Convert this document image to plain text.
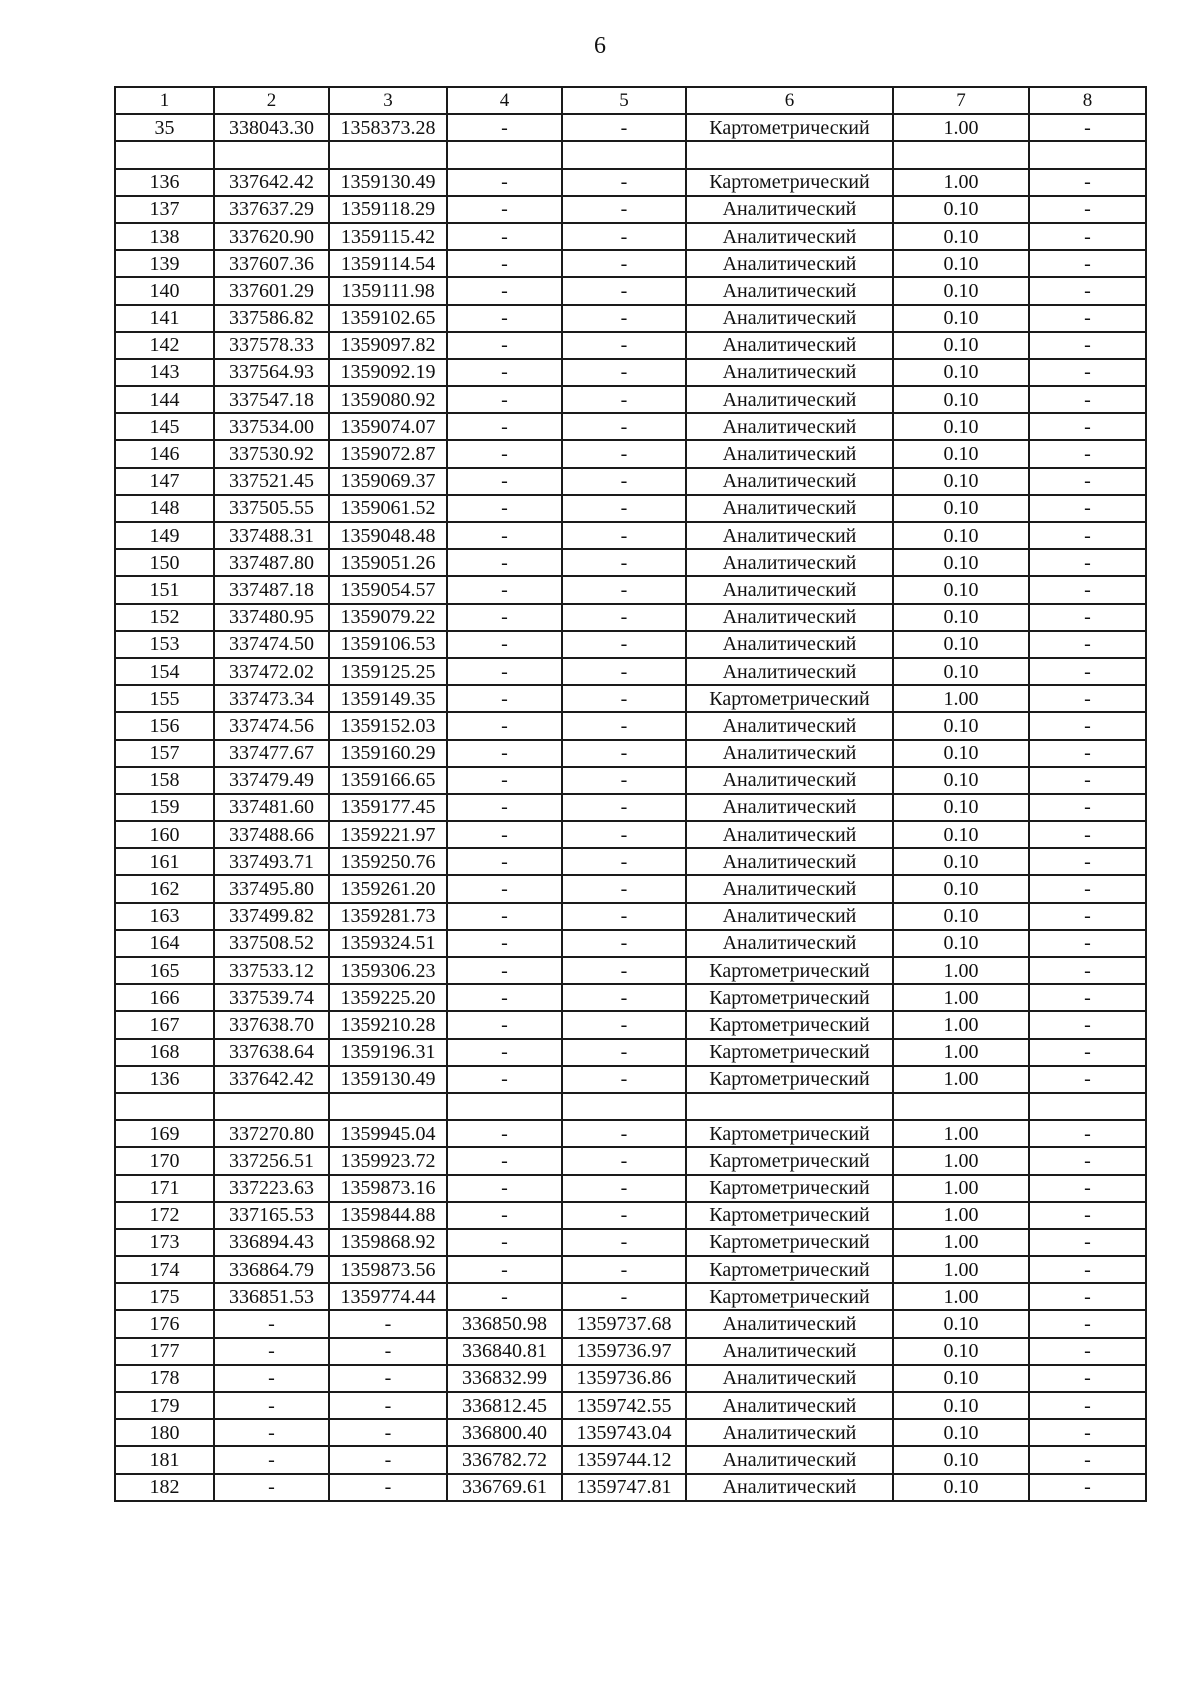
6
1	2	3	4	5	6	7	8
35	338043.30	1358373.28	-	-	Картометрический	1.00	-

136	337642.42	1359130.49	-	-	Картометрический	1.00	-
137	337637.29	1359118.29	-	-	Аналитический	0.10	-
138	337620.90	1359115.42	-	-	Аналитический	0.10	-
139	337607.36	1359114.54	-	-	Аналитический	0.10	-
140	337601.29	1359111.98	-	-	Аналитический	0.10	-
141	337586.82	1359102.65	-	-	Аналитический	0.10	-
142	337578.33	1359097.82	-	-	Аналитический	0.10	-
143	337564.93	1359092.19	-	-	Аналитический	0.10	-
144	337547.18	1359080.92	-	-	Аналитический	0.10	-
145	337534.00	1359074.07	-	-	Аналитический	0.10	-
146	337530.92	1359072.87	-	-	Аналитический	0.10	-
147	337521.45	1359069.37	-	-	Аналитический	0.10	-
148	337505.55	1359061.52	-	-	Аналитический	0.10	-
149	337488.31	1359048.48	-	-	Аналитический	0.10	-
150	337487.80	1359051.26	-	-	Аналитический	0.10	-
151	337487.18	1359054.57	-	-	Аналитический	0.10	-
152	337480.95	1359079.22	-	-	Аналитический	0.10	-
153	337474.50	1359106.53	-	-	Аналитический	0.10	-
154	337472.02	1359125.25	-	-	Аналитический	0.10	-
155	337473.34	1359149.35	-	-	Картометрический	1.00	-
156	337474.56	1359152.03	-	-	Аналитический	0.10	-
157	337477.67	1359160.29	-	-	Аналитический	0.10	-
158	337479.49	1359166.65	-	-	Аналитический	0.10	-
159	337481.60	1359177.45	-	-	Аналитический	0.10	-
160	337488.66	1359221.97	-	-	Аналитический	0.10	-
161	337493.71	1359250.76	-	-	Аналитический	0.10	-
162	337495.80	1359261.20	-	-	Аналитический	0.10	-
163	337499.82	1359281.73	-	-	Аналитический	0.10	-
164	337508.52	1359324.51	-	-	Аналитический	0.10	-
165	337533.12	1359306.23	-	-	Картометрический	1.00	-
166	337539.74	1359225.20	-	-	Картометрический	1.00	-
167	337638.70	1359210.28	-	-	Картометрический	1.00	-
168	337638.64	1359196.31	-	-	Картометрический	1.00	-
136	337642.42	1359130.49	-	-	Картометрический	1.00	-

169	337270.80	1359945.04	-	-	Картометрический	1.00	-
170	337256.51	1359923.72	-	-	Картометрический	1.00	-
171	337223.63	1359873.16	-	-	Картометрический	1.00	-
172	337165.53	1359844.88	-	-	Картометрический	1.00	-
173	336894.43	1359868.92	-	-	Картометрический	1.00	-
174	336864.79	1359873.56	-	-	Картометрический	1.00	-
175	336851.53	1359774.44	-	-	Картометрический	1.00	-
176	-	-	336850.98	1359737.68	Аналитический	0.10	-
177	-	-	336840.81	1359736.97	Аналитический	0.10	-
178	-	-	336832.99	1359736.86	Аналитический	0.10	-
179	-	-	336812.45	1359742.55	Аналитический	0.10	-
180	-	-	336800.40	1359743.04	Аналитический	0.10	-
181	-	-	336782.72	1359744.12	Аналитический	0.10	-
182	-	-	336769.61	1359747.81	Аналитический	0.10	-
